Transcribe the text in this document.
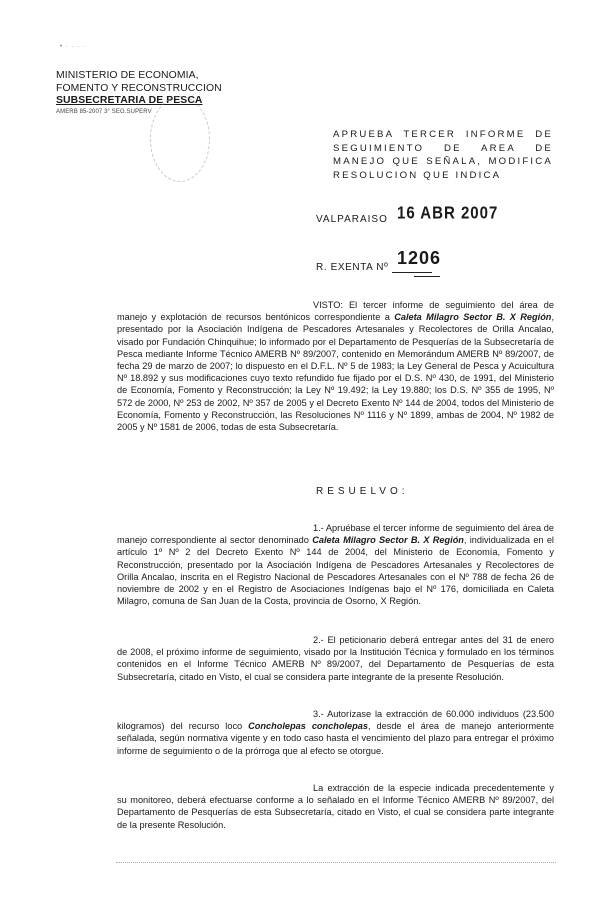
• · · · ·
MINISTERIO DE ECONOMIA,
FOMENTO Y RECONSTRUCCION
SUBSECRETARIA DE PESCA
AMERB 85-2007 3° SEG.SUPERV
APRUEBA TERCER INFORME DE SEGUIMIENTO DE AREA DE MANEJO QUE SEÑALA, MODIFICA RESOLUCION QUE INDICA
VALPARAISO 16 ABR 2007
R. EXENTA Nº 1206
VISTO: El tercer informe de seguimiento del área de manejo y explotación de recursos bentónicos correspondiente a Caleta Milagro Sector B. X Región, presentado por la Asociación Indígena de Pescadores Artesanales y Recolectores de Orilla Ancalao, visado por Fundación Chinquihue; lo informado por el Departamento de Pesquerías de la Subsecretaría de Pesca mediante Informe Técnico AMERB Nº 89/2007, contenido en Memorándum AMERB Nº 89/2007, de fecha 29 de marzo de 2007; lo dispuesto en el D.F.L. Nº 5 de 1983; la Ley General de Pesca y Acuicultura Nº 18.892 y sus modificaciones cuyo texto refundido fue fijado por el D.S. Nº 430, de 1991, del Ministerio de Economía, Fomento y Reconstrucción; la Ley Nº 19.492; la Ley 19.880; los D.S. Nº 355 de 1995, Nº 572 de 2000, Nº 253 de 2002, Nº 357 de 2005 y el Decreto Exento Nº 144 de 2004, todos del Ministerio de Economía, Fomento y Reconstrucción, las Resoluciones Nº 1116 y Nº 1899, ambas de 2004, Nº 1982 de 2005 y Nº 1581 de 2006, todas de esta Subsecretaría.
RESUELVO:
1.- Apruébase el tercer informe de seguimiento del área de manejo correspondiente al sector denominado Caleta Milagro Sector B. X Región, individualizada en el artículo 1º Nº 2 del Decreto Exento Nº 144 de 2004, del Ministerio de Economía, Fomento y Reconstrucción, presentado por la Asociación Indígena de Pescadores Artesanales y Recolectores de Orilla Ancalao, inscrita en el Registro Nacional de Pescadores Artesanales con el Nº 788 de fecha 26 de noviembre de 2002 y en el Registro de Asociaciones Indígenas bajo el Nº 176, domiciliada en Caleta Milagro, comuna de San Juan de la Costa, provincia de Osorno, X Región.
2.- El peticionario deberá entregar antes del 31 de enero de 2008, el próximo informe de seguimiento, visado por la Institución Técnica y formulado en los términos contenidos en el Informe Técnico AMERB Nº 89/2007, del Departamento de Pesquerías de esta Subsecretaría, citado en Visto, el cual se considera parte integrante de la presente Resolución.
3.- Autorízase la extracción de 60.000 individuos (23.500 kilogramos) del recurso loco Concholepas concholepas, desde el área de manejo anteriormente señalada, según normativa vigente y en todo caso hasta el vencimiento del plazo para entregar el próximo informe de seguimiento o de la prórroga que al efecto se otorgue.
La extracción de la especie indicada precedentemente y su monitoreo, deberá efectuarse conforme a lo señalado en el Informe Técnico AMERB Nº 89/2007, del Departamento de Pesquerías de esta Subsecretaría, citado en Visto, el cual se considera parte integrante de la presente Resolución.
